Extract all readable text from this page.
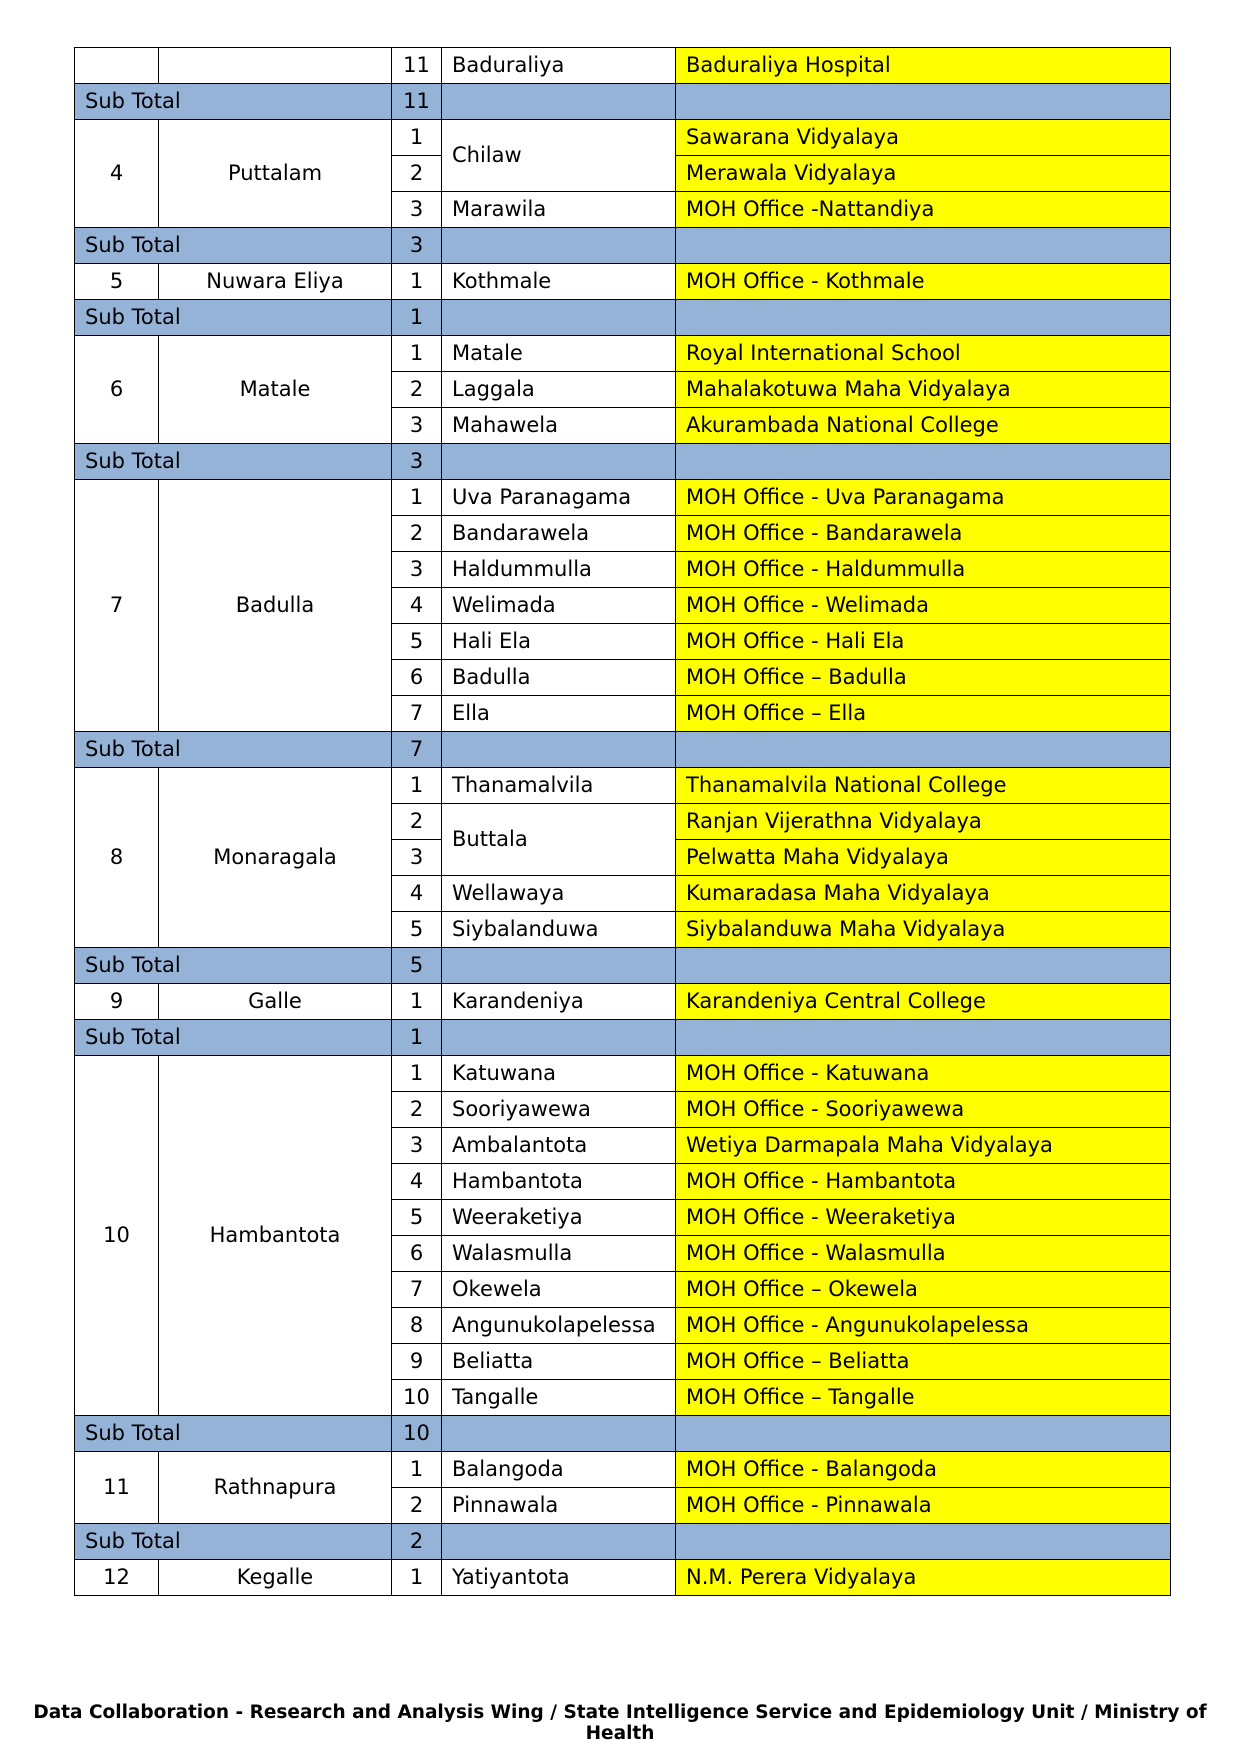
		11	Baduraliya	Baduraliya Hospital
Sub Total		11		
4	Puttalam	1	Chilaw	Sawarana Vidyalaya
		2		Merawala Vidyalaya
		3	Marawila	MOH Office -Nattandiya
Sub Total		3		
5	Nuwara Eliya	1	Kothmale	MOH Office - Kothmale
Sub Total		1		
6	Matale	1	Matale	Royal International School
		2	Laggala	Mahalakotuwa Maha Vidyalaya
		3	Mahawela	Akurambada National College
Sub Total		3		
7	Badulla	1	Uva Paranagama	MOH Office - Uva Paranagama
		2	Bandarawela	MOH Office - Bandarawela
		3	Haldummulla	MOH Office - Haldummulla
		4	Welimada	MOH Office - Welimada
		5	Hali Ela	MOH Office - Hali Ela
		6	Badulla	MOH Office – Badulla
		7	Ella	MOH Office – Ella
Sub Total		7		
8	Monaragala	1	Thanamalvila	Thanamalvila National College
		2	Buttala	Ranjan Vijerathna Vidyalaya
		3		Pelwatta Maha Vidyalaya
		4	Wellawaya	Kumaradasa Maha Vidyalaya
		5	Siybalanduwa	Siybalanduwa Maha Vidyalaya
Sub Total		5		
9	Galle	1	Karandeniya	Karandeniya Central College
Sub Total		1		
10	Hambantota	1	Katuwana	MOH Office - Katuwana
		2	Sooriyawewa	MOH Office - Sooriyawewa
		3	Ambalantota	Wetiya Darmapala Maha Vidyalaya
		4	Hambantota	MOH Office - Hambantota
		5	Weeraketiya	MOH Office - Weeraketiya
		6	Walasmulla	MOH Office - Walasmulla
		7	Okewela	MOH Office – Okewela
		8	Angunukolapelessa	MOH Office - Angunukolapelessa
		9	Beliatta	MOH Office – Beliatta
		10	Tangalle	MOH Office – Tangalle
Sub Total		10		
11	Rathnapura	1	Balangoda	MOH Office - Balangoda
		2	Pinnawala	MOH Office - Pinnawala
Sub Total		2		
12	Kegalle	1	Yatiyantota	N.M. Perera Vidyalaya
Data Collaboration - Research and Analysis Wing / State Intelligence Service and Epidemiology Unit / Ministry of Health
